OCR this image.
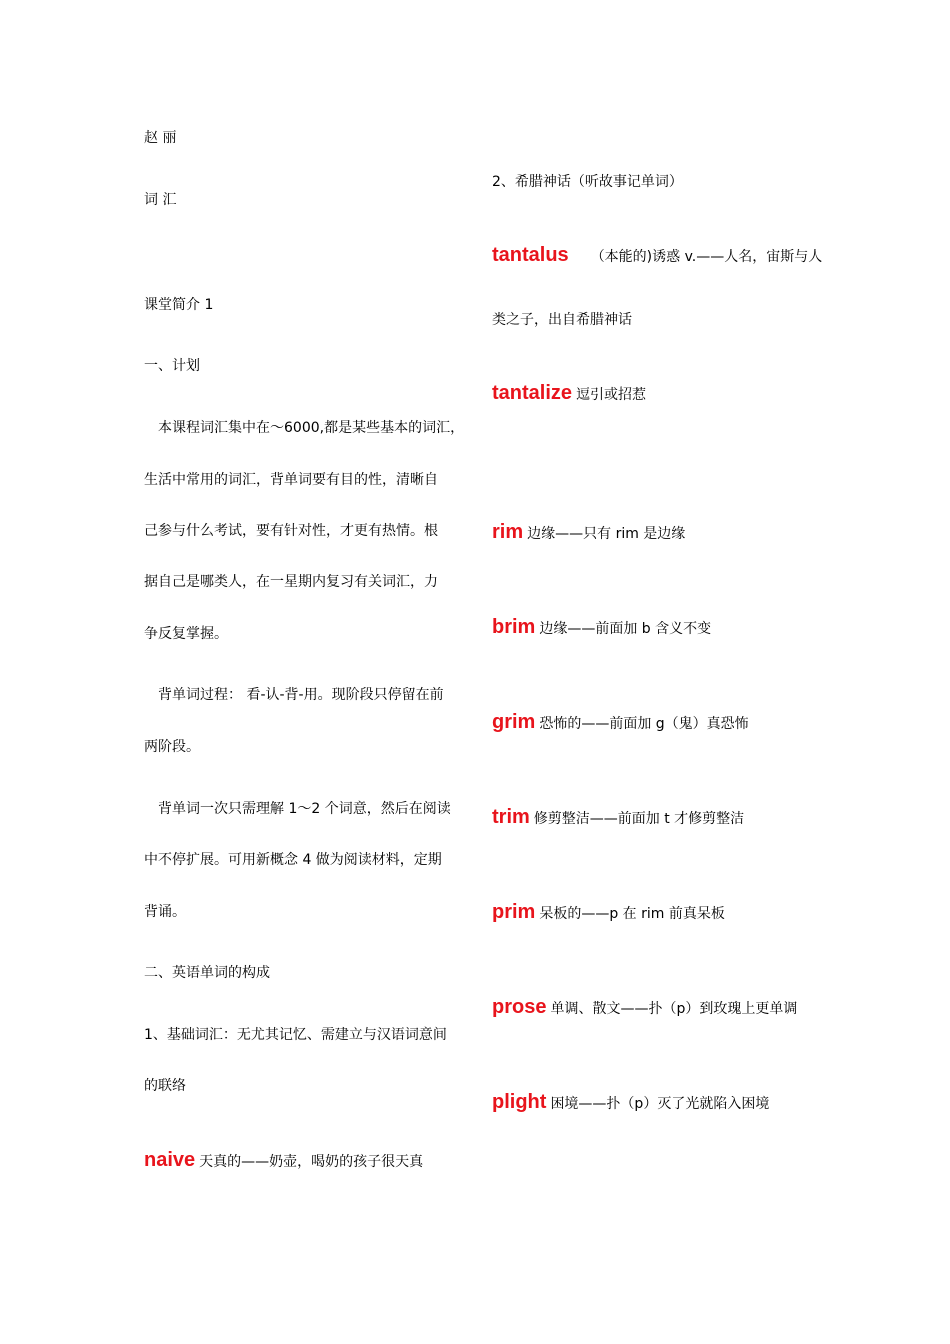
赵 丽
词 汇
课堂简介 1
一、计划
本课程词汇集中在～6000,都是某些基本的词汇，
生活中常用的词汇，背单词要有目的性，清晰自
己参与什么考试，要有针对性，才更有热情。根
据自己是哪类人，在一星期内复习有关词汇，力
争反复掌握。
背单词过程： 看-认-背-用。现阶段只停留在前
两阶段。
背单词一次只需理解 1～2 个词意，然后在阅读
中不停扩展。可用新概念 4 做为阅读材料，定期
背诵。
二、英语单词的构成
1、基础词汇：无尤其记忆、需建立与汉语词意间
的联络
naive 天真的——奶壶，喝奶的孩子很天真
2、希腊神话（听故事记单词）
tantalus （本能的)诱惑 v.——人名，宙斯与人
类之子，出自希腊神话
tantalize 逗引或招惹
rim 边缘——只有 rim 是边缘
brim 边缘——前面加 b 含义不变
grim 恐怖的——前面加 g（鬼）真恐怖
trim 修剪整洁——前面加 t 才修剪整洁
prim 呆板的——p 在 rim 前真呆板
prose 单调、散文——扑（p）到玫瑰上更单调
plight 困境——扑（p）灭了光就陷入困境
